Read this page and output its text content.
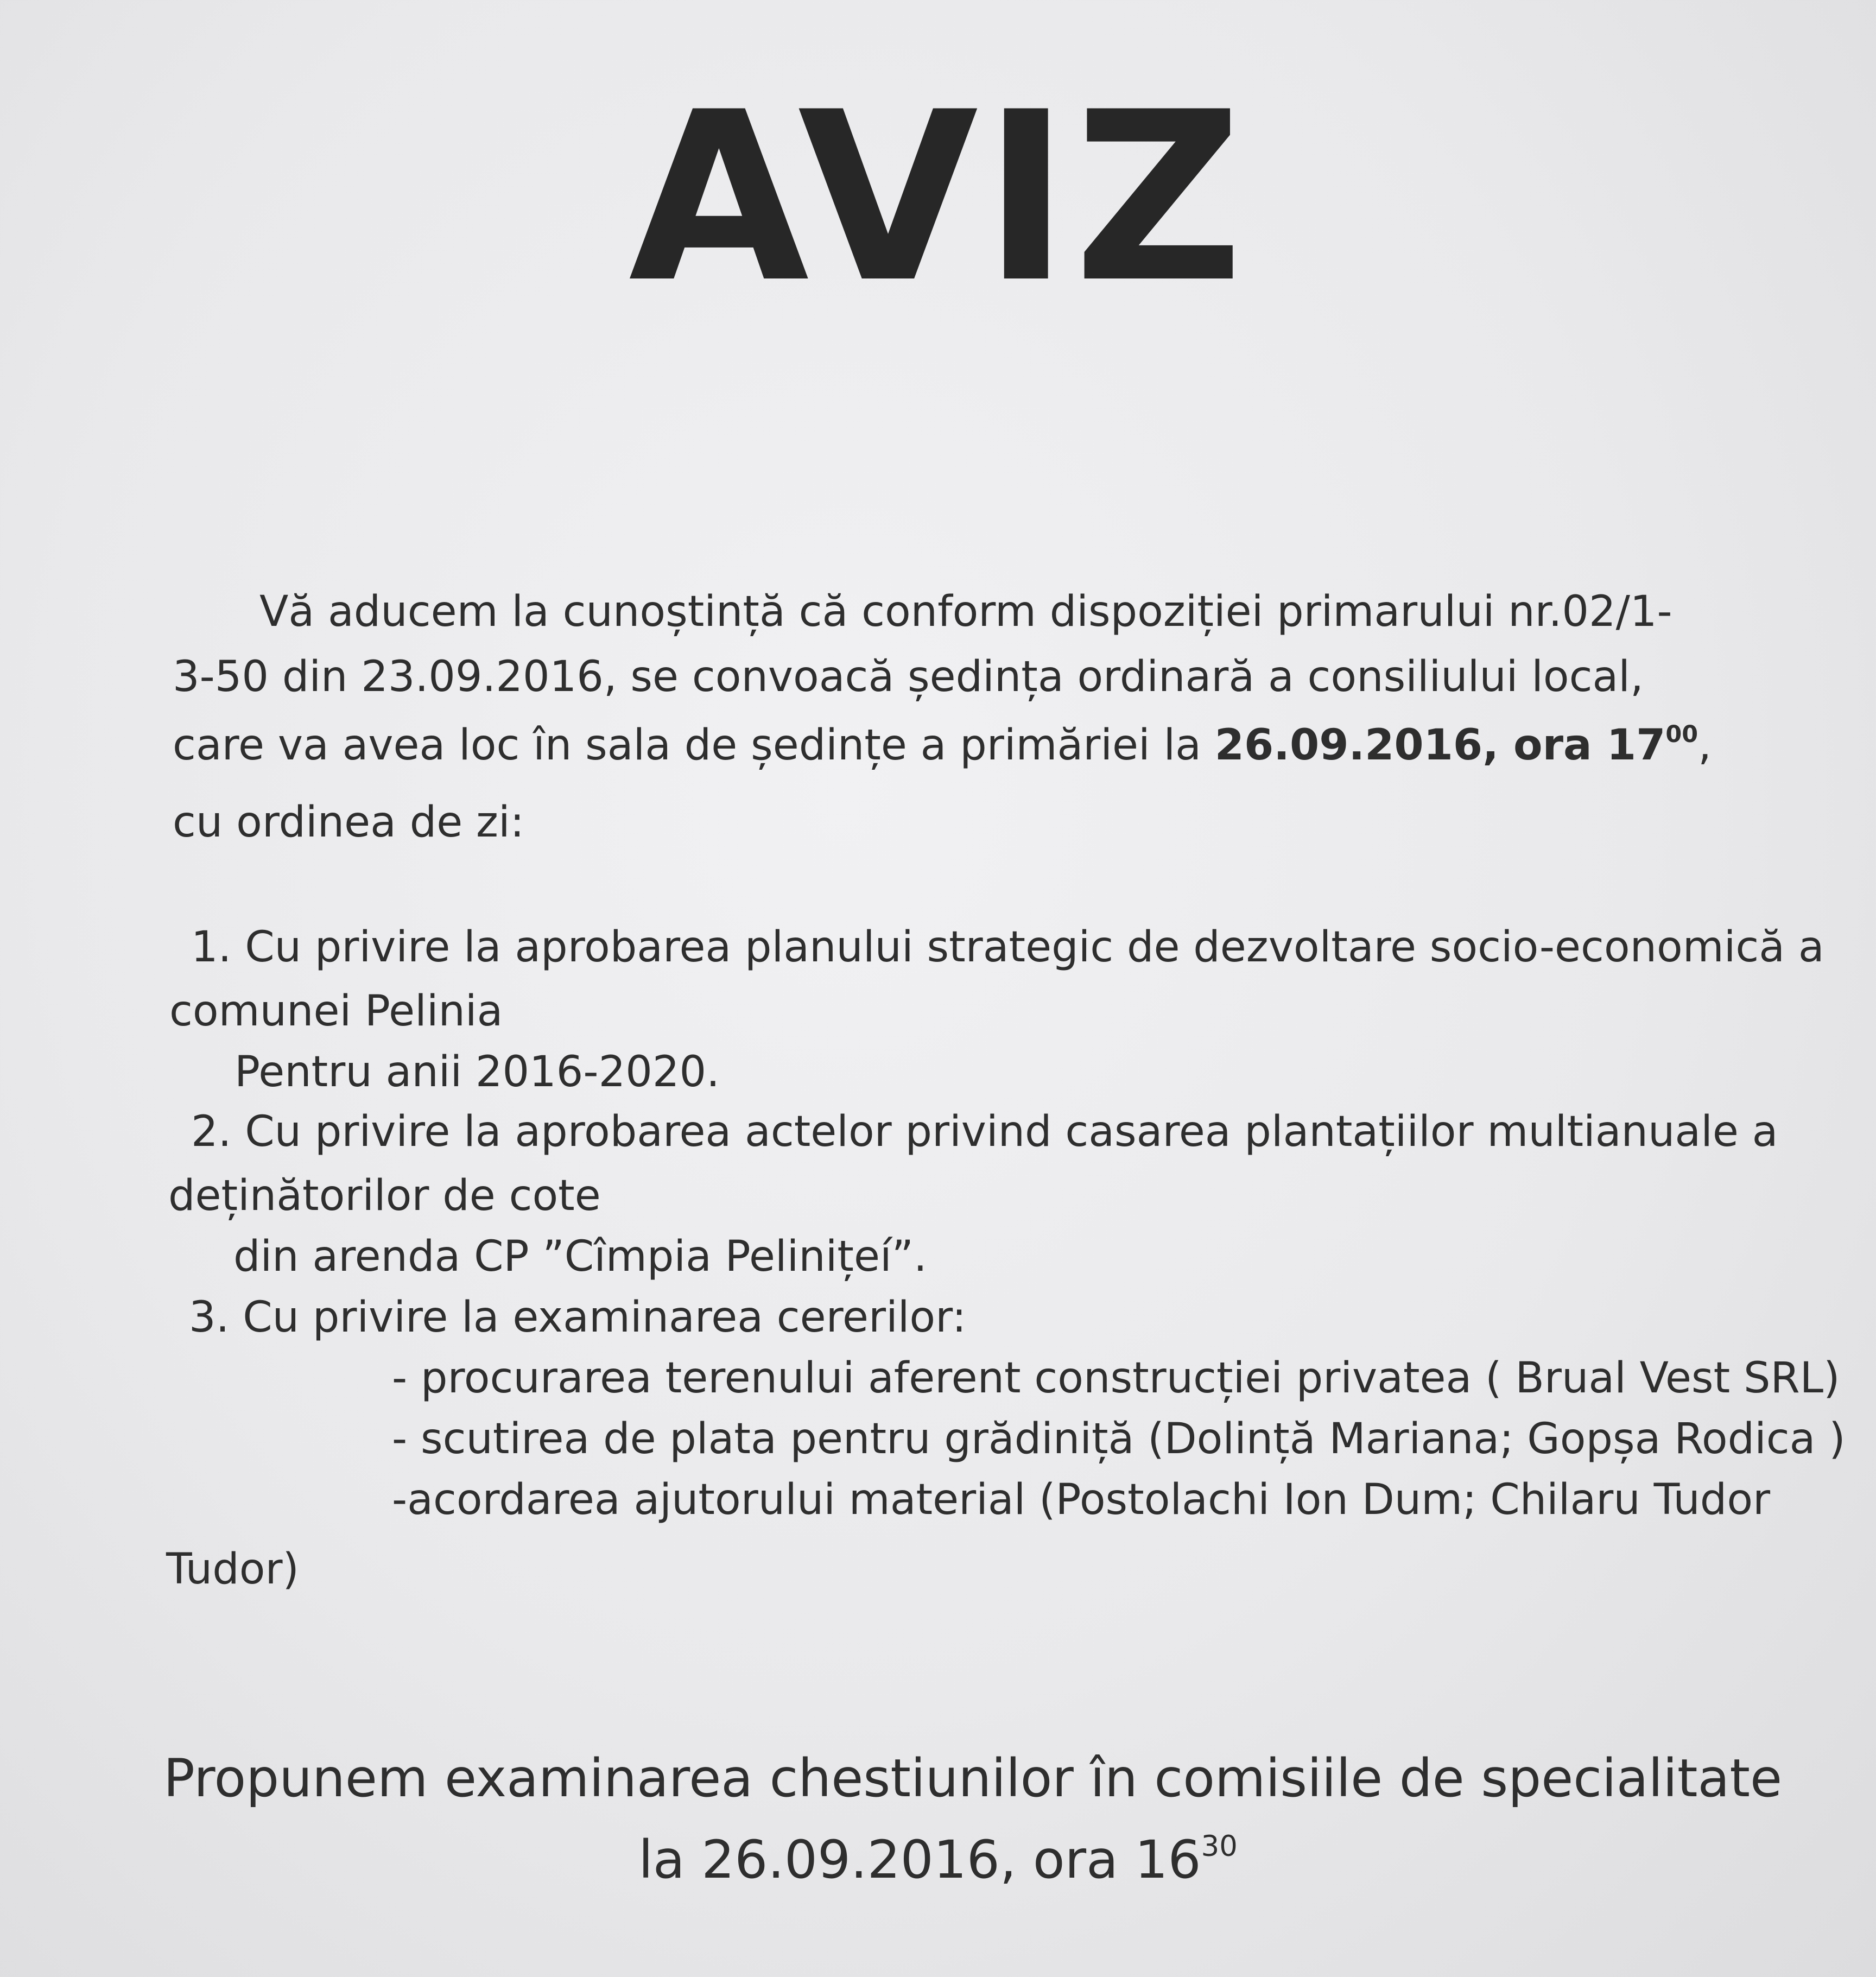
AVIZ
Vă aducem la cunoștință că conform dispoziției primarului nr.02/1-
3-50 din 23.09.2016, se convoacă ședința ordinară a consiliului local,
care va avea loc în sala de ședințe a primăriei la 26.09.2016, ora $17^{00}$,
cu ordinea de zi:
1. Cu privire la aprobarea planului strategic de dezvoltare socio-economică a
comunei Pelinia
Pentru anii 2016-2020.
2. Cu privire la aprobarea actelor privind casarea plantațiilor multianuale a
deținătorilor de cote
din arenda CP ”Cîmpia Pelinițeí”.
3. Cu privire la examinarea cererilor:
- procurarea terenului aferent construcției privatea ( Brual Vest SRL)
- scutirea de plata pentru grădiniță (Dolință Mariana; Gopșa Rodica )
-acordarea ajutorului material (Postolachi Ion Dum; Chilaru Tudor
Tudor)
Propunem examinarea chestiunilor în comisiile de specialitate
la 26.09.2016, ora $16^{30}$
